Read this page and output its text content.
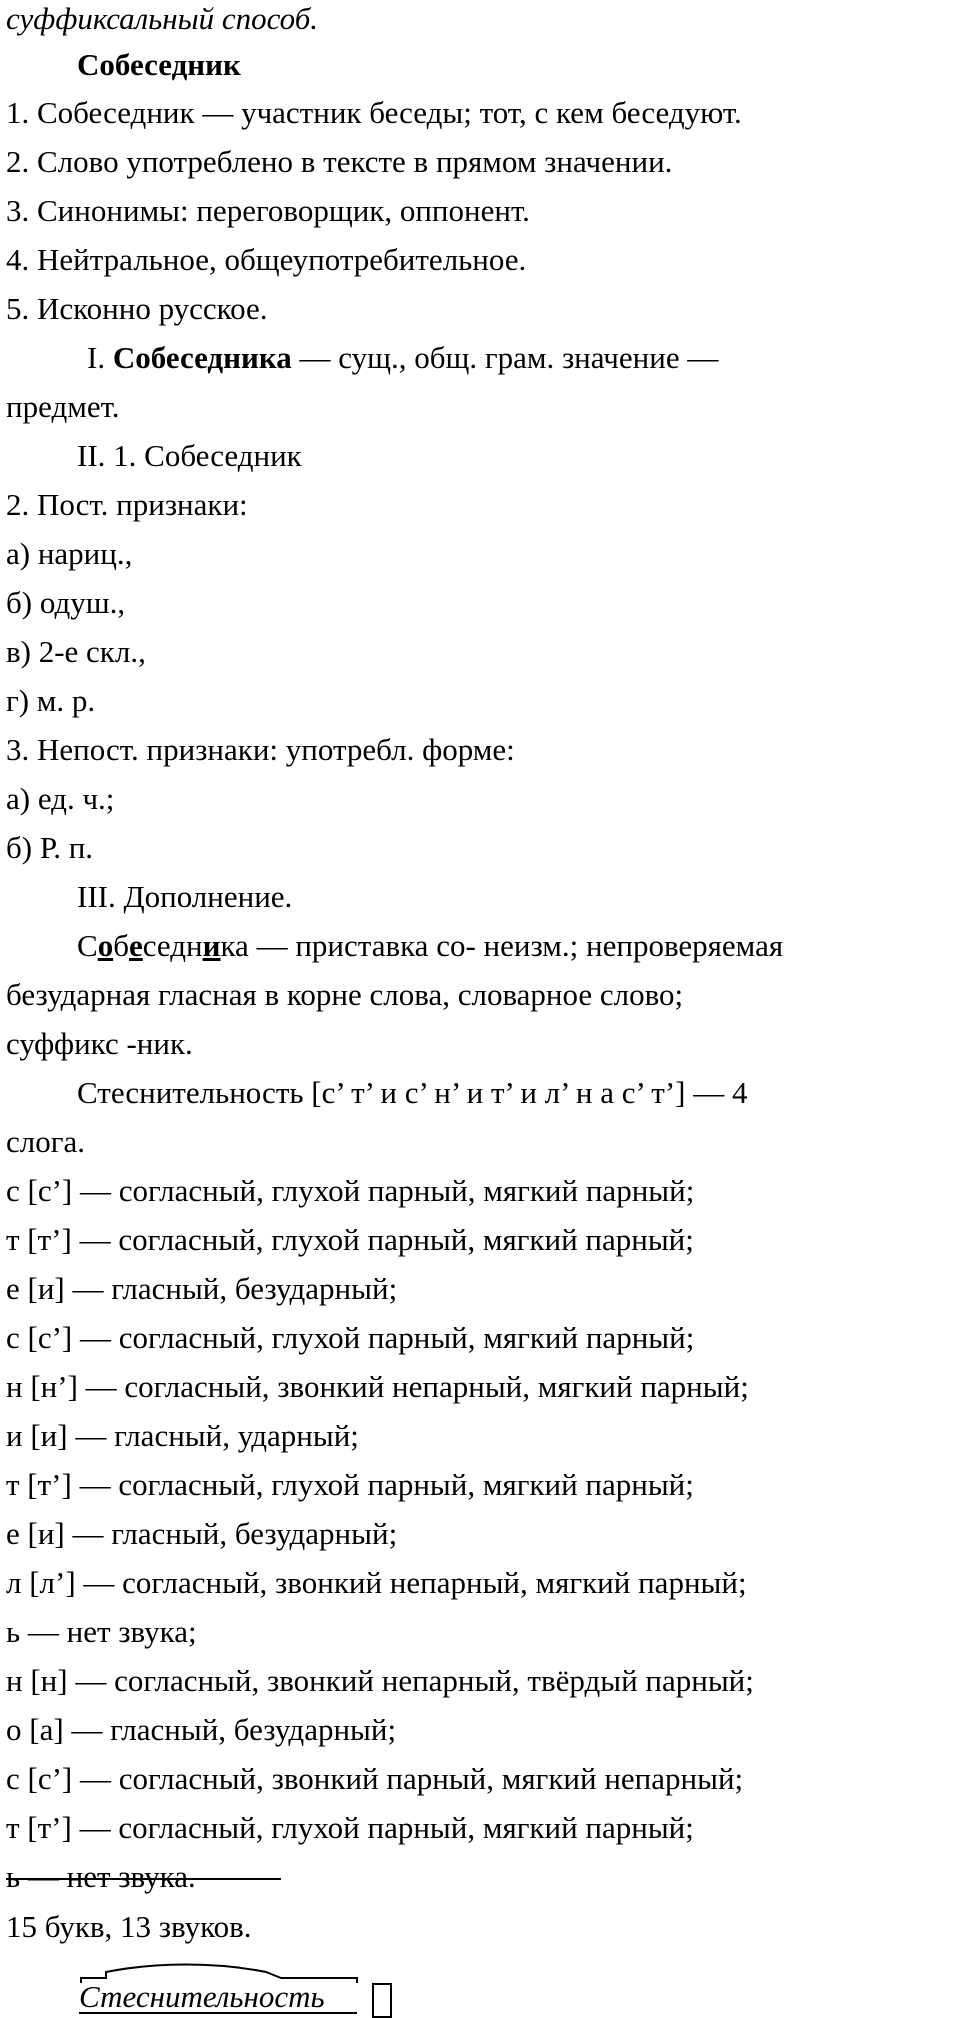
суффиксальный способ.
Собеседник
1. Собеседник — участник беседы; тот, с кем беседуют.
2. Слово употреблено в тексте в прямом значении.
3. Синонимы: переговорщик, оппонент.
4. Нейтральное, общеупотребительное.
5. Исконно русское.
I. Собеседника — сущ., общ. грам. значение —
предмет.
II. 1. Собеседник
2. Пост. признаки:
а) нариц.,
б) одуш.,
в) 2-е скл.,
г) м. р.
3. Непост. признаки: употребл. форме:
а) ед. ч.;
б) Р. п.
III. Дополнение.
Собеседника — приставка со- неизм.; непроверяемая
безударная гласная в корне слова, словарное слово;
суффикс -ник.
Стеснительность [с’ т’ и с’ н’ и т’ и л’ н а с’ т’] — 4
слога.
с [с’] — согласный, глухой парный, мягкий парный;
т [т’] — согласный, глухой парный, мягкий парный;
е [и] — гласный, безударный;
с [с’] — согласный, глухой парный, мягкий парный;
н [н’] — согласный, звонкий непарный, мягкий парный;
и [и] — гласный, ударный;
т [т’] — согласный, глухой парный, мягкий парный;
е [и] — гласный, безударный;
л [л’] — согласный, звонкий непарный, мягкий парный;
ь — нет звука;
н [н] — согласный, звонкий непарный, твёрдый парный;
о [а] — гласный, безударный;
с [с’] — согласный, звонкий парный, мягкий непарный;
т [т’] — согласный, глухой парный, мягкий парный;
ь — нет звука.
15 букв, 13 звуков.
Стеснительность
